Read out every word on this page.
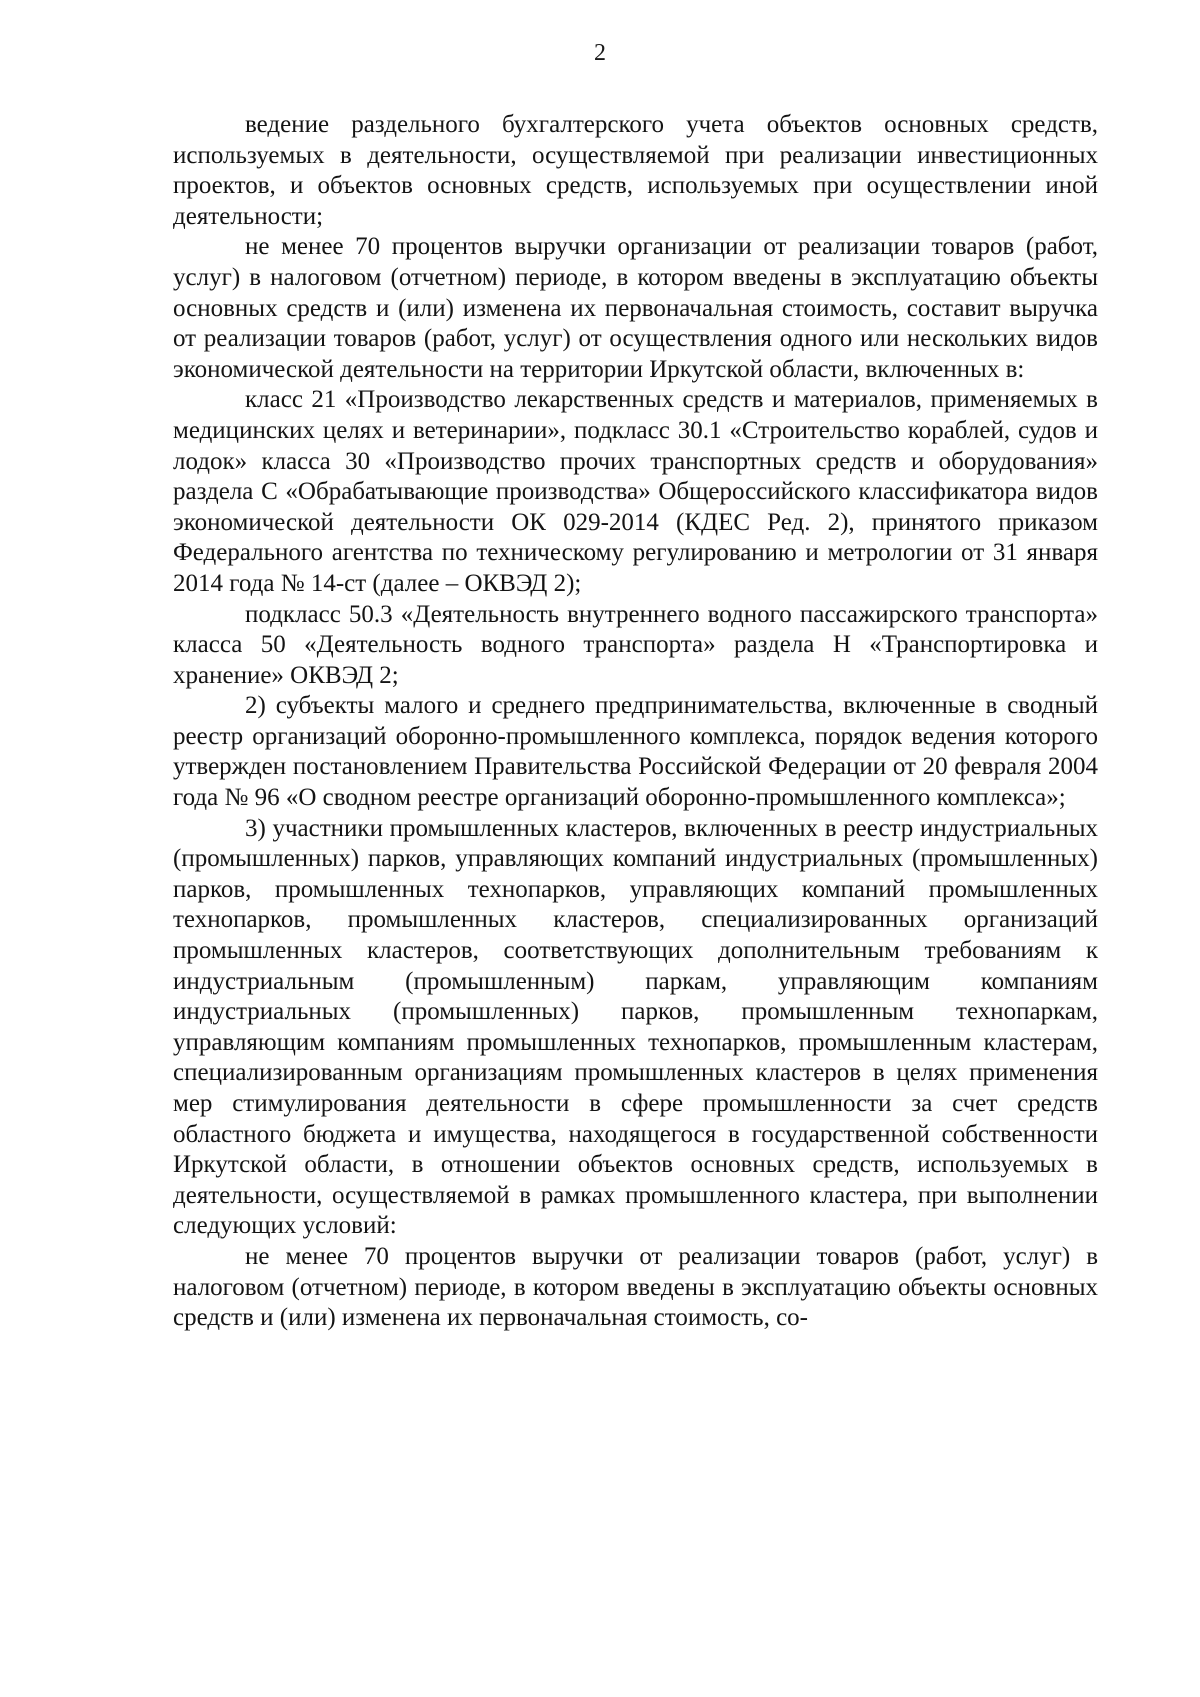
2

ведение раздельного бухгалтерского учета объектов основных средств, используемых в деятельности, осуществляемой при реализации инвестиционных проектов, и объектов основных средств, используемых при осуществлении иной деятельности;

не менее 70 процентов выручки организации от реализации товаров (работ, услуг) в налоговом (отчетном) периоде, в котором введены в эксплуатацию объекты основных средств и (или) изменена их первоначальная стоимость, составит выручка от реализации товаров (работ, услуг) от осуществления одного или нескольких видов экономической деятельности на территории Иркутской области, включенных в:

класс 21 «Производство лекарственных средств и материалов, применяемых в медицинских целях и ветеринарии», подкласс 30.1 «Строительство кораблей, судов и лодок» класса 30 «Производство прочих транспортных средств и оборудования» раздела С «Обрабатывающие производства» Общероссийского классификатора видов экономической деятельности ОК 029-2014 (КДЕС Ред. 2), принятого приказом Федерального агентства по техническому регулированию и метрологии от 31 января 2014 года № 14-ст (далее – ОКВЭД 2);

подкласс 50.3 «Деятельность внутреннего водного пассажирского транспорта» класса 50 «Деятельность водного транспорта» раздела Н «Транспортировка и хранение» ОКВЭД 2;

2) субъекты малого и среднего предпринимательства, включенные в сводный реестр организаций оборонно-промышленного комплекса, порядок ведения которого утвержден постановлением Правительства Российской Федерации от 20 февраля 2004 года № 96 «О сводном реестре организаций оборонно-промышленного комплекса»;

3) участники промышленных кластеров, включенных в реестр индустриальных (промышленных) парков, управляющих компаний индустриальных (промышленных) парков, промышленных технопарков, управляющих компаний промышленных технопарков, промышленных кластеров, специализированных организаций промышленных кластеров, соответствующих дополнительным требованиям к индустриальным (промышленным) паркам, управляющим компаниям индустриальных (промышленных) парков, промышленным технопаркам, управляющим компаниям промышленных технопарков, промышленным кластерам, специализированным организациям промышленных кластеров в целях применения мер стимулирования деятельности в сфере промышленности за счет средств областного бюджета и имущества, находящегося в государственной собственности Иркутской области, в отношении объектов основных средств, используемых в деятельности, осуществляемой в рамках промышленного кластера, при выполнении следующих условий:

не менее 70 процентов выручки от реализации товаров (работ, услуг) в налоговом (отчетном) периоде, в котором введены в эксплуатацию объекты основных средств и (или) изменена их первоначальная стоимость, со-
